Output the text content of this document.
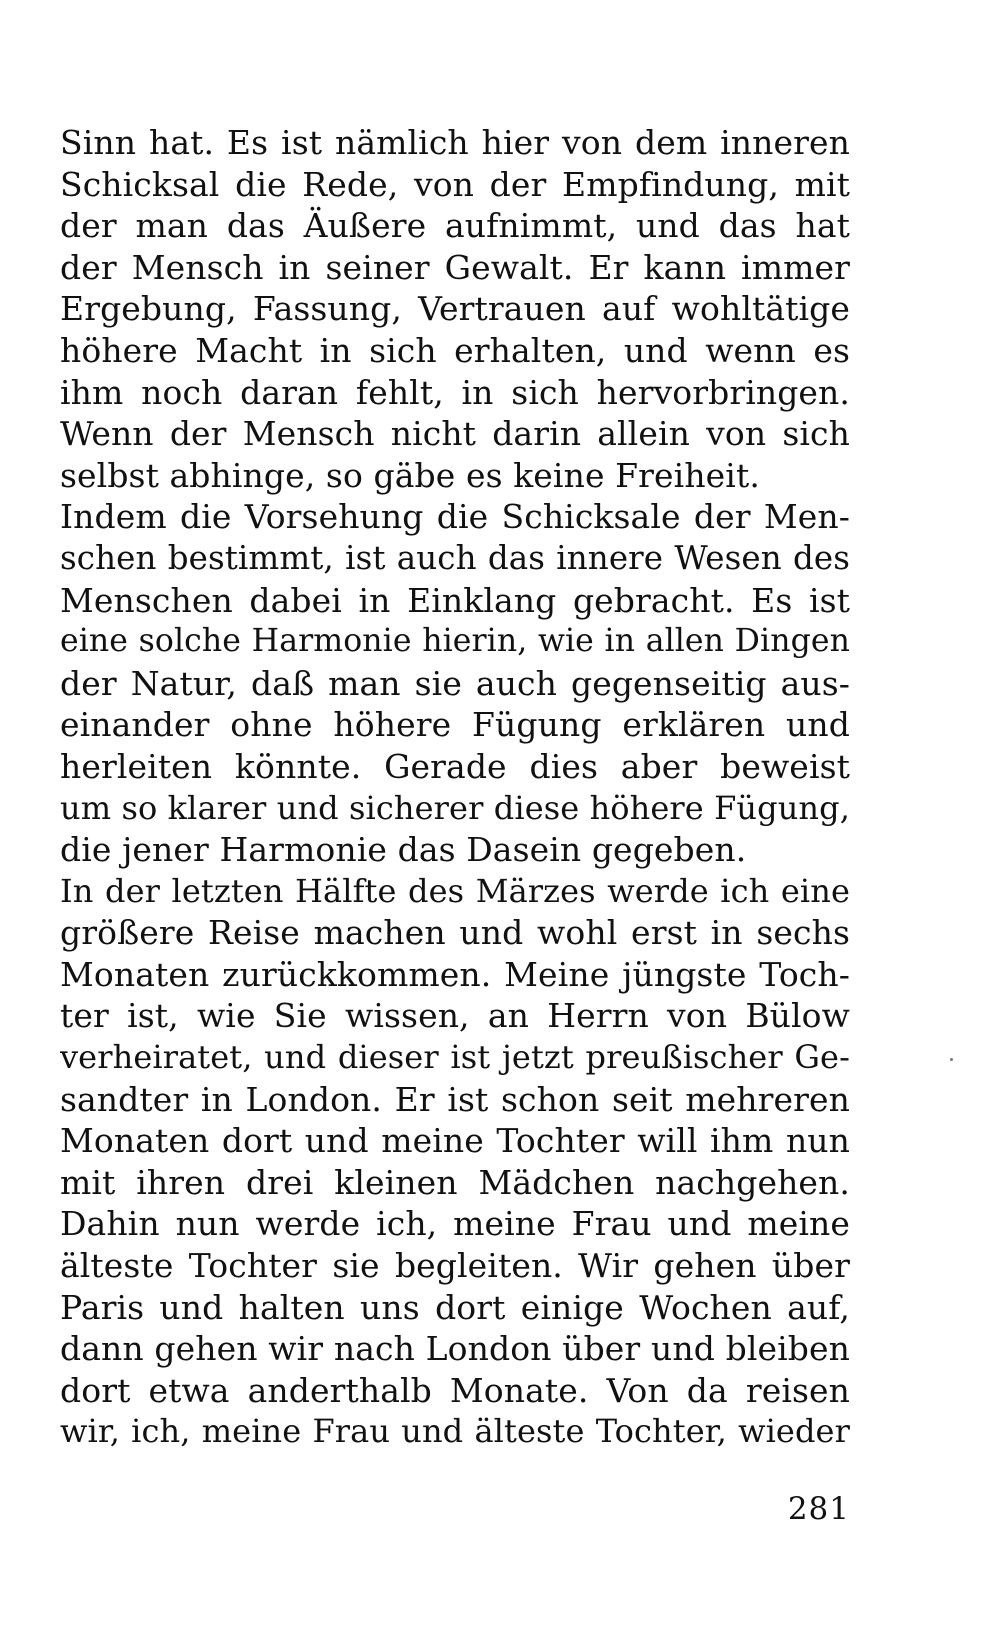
Sinn hat. Es ist nämlich hier von dem inneren
Schicksal die Rede, von der Empfindung, mit
der man das Äußere aufnimmt, und das hat
der Mensch in seiner Gewalt. Er kann immer
Ergebung, Fassung, Vertrauen auf wohltätige
höhere Macht in sich erhalten, und wenn es
ihm noch daran fehlt, in sich hervorbringen.
Wenn der Mensch nicht darin allein von sich
selbst abhinge, so gäbe es keine Freiheit.
Indem die Vorsehung die Schicksale der Men-
schen bestimmt, ist auch das innere Wesen des
Menschen dabei in Einklang gebracht. Es ist
eine solche Harmonie hierin, wie in allen Dingen
der Natur, daß man sie auch gegenseitig aus-
einander ohne höhere Fügung erklären und
herleiten könnte. Gerade dies aber beweist
um so klarer und sicherer diese höhere Fügung,
die jener Harmonie das Dasein gegeben.
In der letzten Hälfte des Märzes werde ich eine
größere Reise machen und wohl erst in sechs
Monaten zurückkommen. Meine jüngste Toch-
ter ist, wie Sie wissen, an Herrn von Bülow
verheiratet, und dieser ist jetzt preußischer Ge-
sandter in London. Er ist schon seit mehreren
Monaten dort und meine Tochter will ihm nun
mit ihren drei kleinen Mädchen nachgehen.
Dahin nun werde ich, meine Frau und meine
älteste Tochter sie begleiten. Wir gehen über
Paris und halten uns dort einige Wochen auf,
dann gehen wir nach London über und bleiben
dort etwa anderthalb Monate. Von da reisen
wir, ich, meine Frau und älteste Tochter, wieder
281
